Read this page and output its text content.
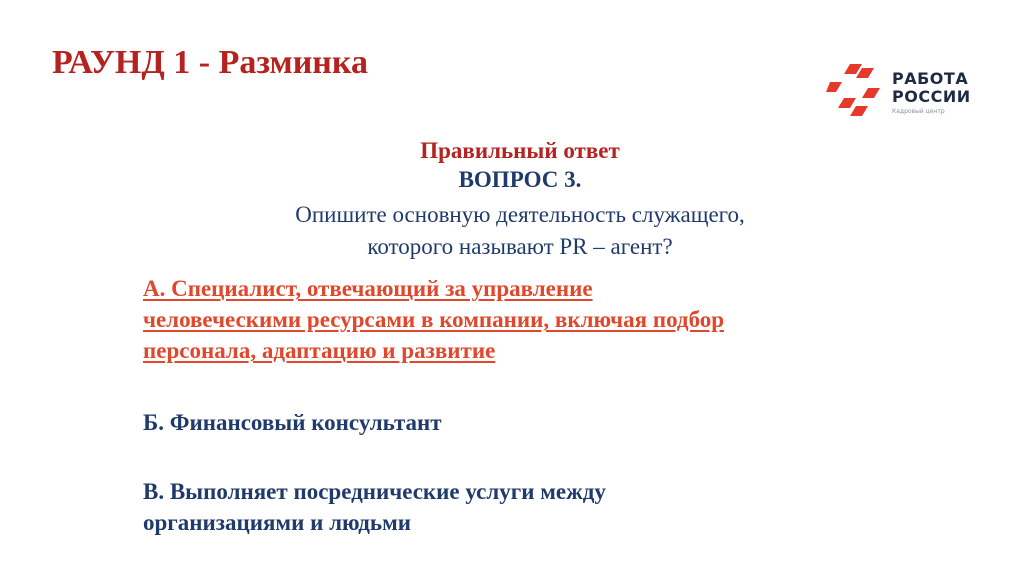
РАУНД 1 - Разминка	РАБОТА
РОССИИ
Кадровый центр
Правильный ответ
ВОПРОС 3.
Опишите основную деятельность служащего,
которого называют PR – агент?
А. Специалист, отвечающий за управление
человеческими ресурсами в компании, включая подбор
персонала, адаптацию и развитие
Б. Финансовый консультант
В. Выполняет посреднические услуги между
организациями и людьми
